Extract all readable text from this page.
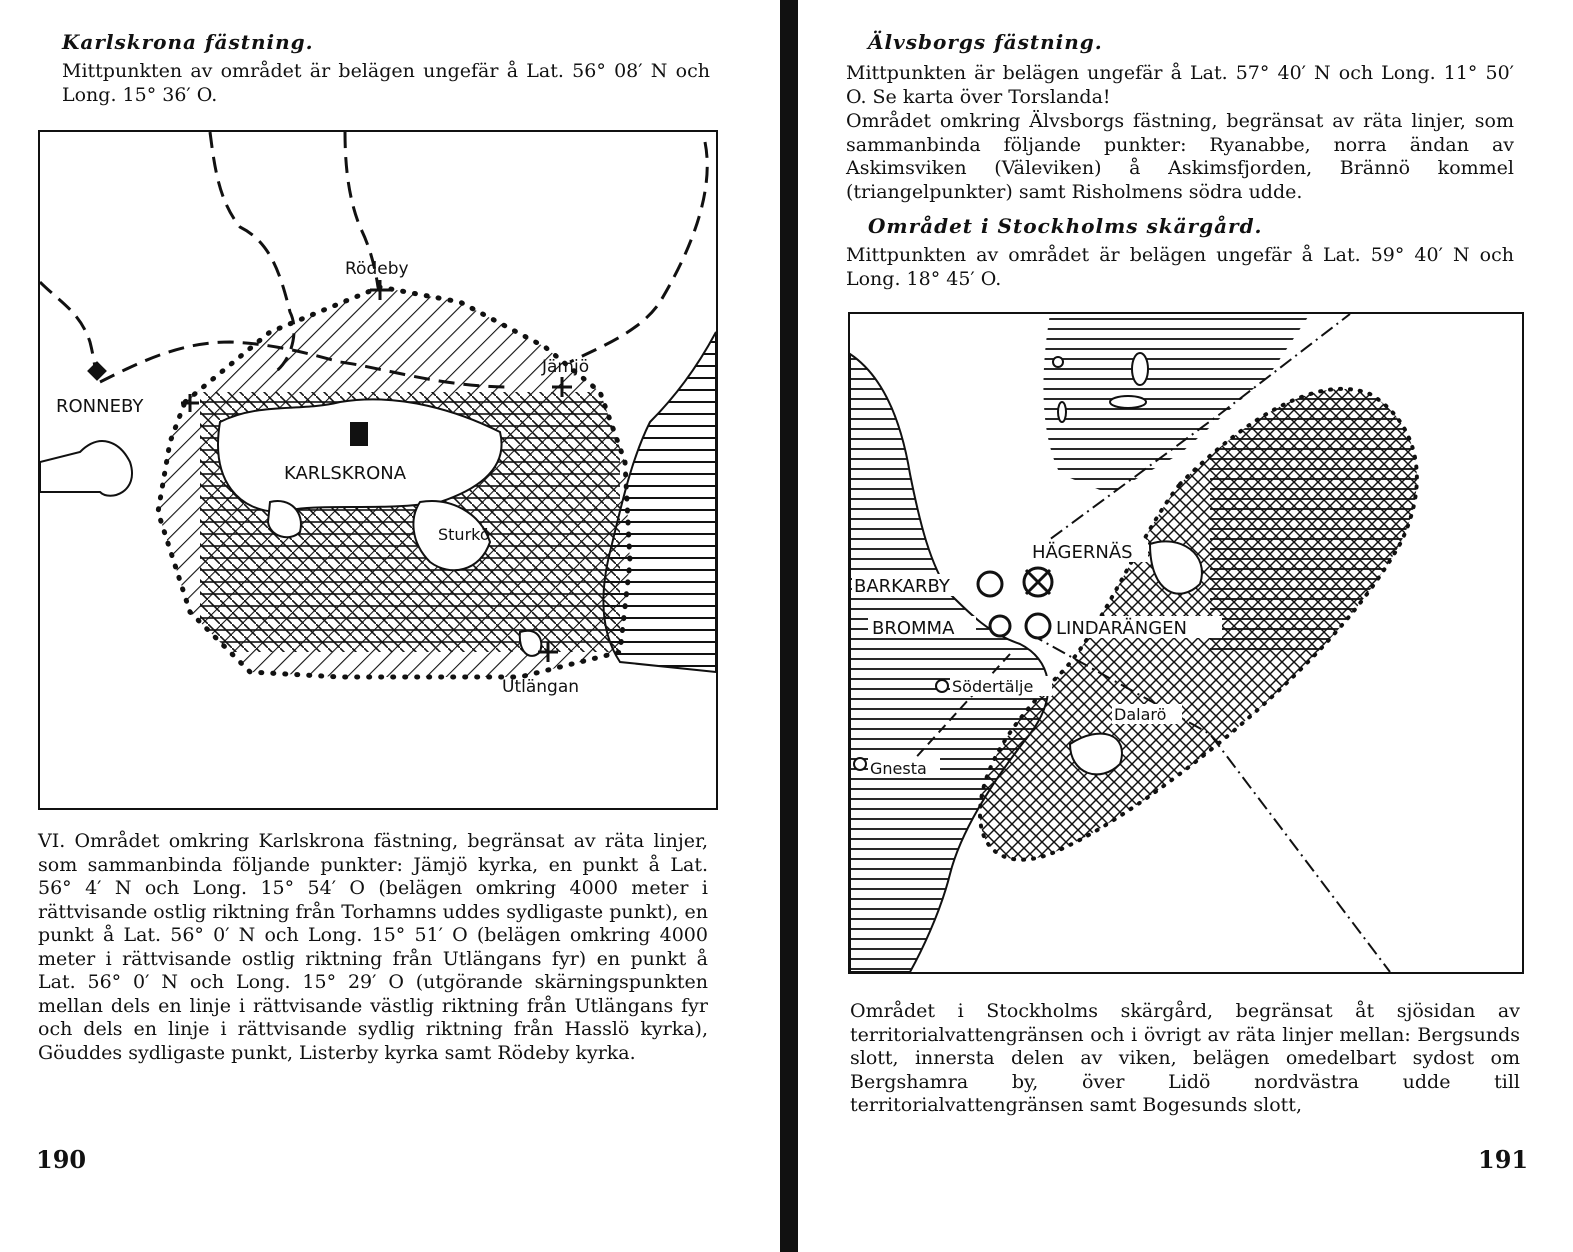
Karlskrona fästning.

Mittpunkten av området är belägen ungefär å Lat. 56° 08′ N och Long. 15° 36′ O.

Rödeby
Jämjö
RONNEBY
KARLSKRONA
Sturkö
Utlängan

VI. Området omkring Karlskrona fästning, begränsat av räta linjer, som sammanbinda följande punkter: Jämjö kyrka, en punkt å Lat. 56° 4′ N och Long. 15° 54′ O (belägen omkring 4000 meter i rättvisande ostlig riktning från Torhamns uddes sydligaste punkt), en punkt å Lat. 56° 0′ N och Long. 15° 51′ O (belägen omkring 4000 meter i rättvisande ostlig riktning från Utlängans fyr) en punkt å Lat. 56° 0′ N och Long. 15° 29′ O (utgörande skärningspunkten mellan dels en linje i rättvisande västlig riktning från Utlängans fyr och dels en linje i rättvisande sydlig riktning från Hasslö kyrka), Göuddes sydligaste punkt, Listerby kyrka samt Rödeby kyrka.

190
Älvsborgs fästning.

Mittpunkten är belägen ungefär å Lat. 57° 40′ N och Long. 11° 50′ O. Se karta över Torslanda!

Området omkring Älvsborgs fästning, begränsat av räta linjer, som sammanbinda följande punkter: Ryanabbe, norra ändan av Askimsviken (Väleviken) å Askimsfjorden, Brännö kommel (triangelpunkter) samt Risholmens södra udde.

Området i Stockholms skärgård.

Mittpunkten av området är belägen ungefär å Lat. 59° 40′ N och Long. 18° 45′ O.

HÄGERNÄS
BARKARBY
BROMMA	LINDARÄNGEN
Södertälje
Dalarö
Gnesta

Området i Stockholms skärgård, begränsat åt sjösidan av territorialvattengränsen och i övrigt av räta linjer mellan: Bergsunds slott, innersta delen av viken, belägen omedelbart sydost om Bergshamra by, över Lidö nordvästra udde till territorialvattengränsen samt Bogesunds slott,

191
